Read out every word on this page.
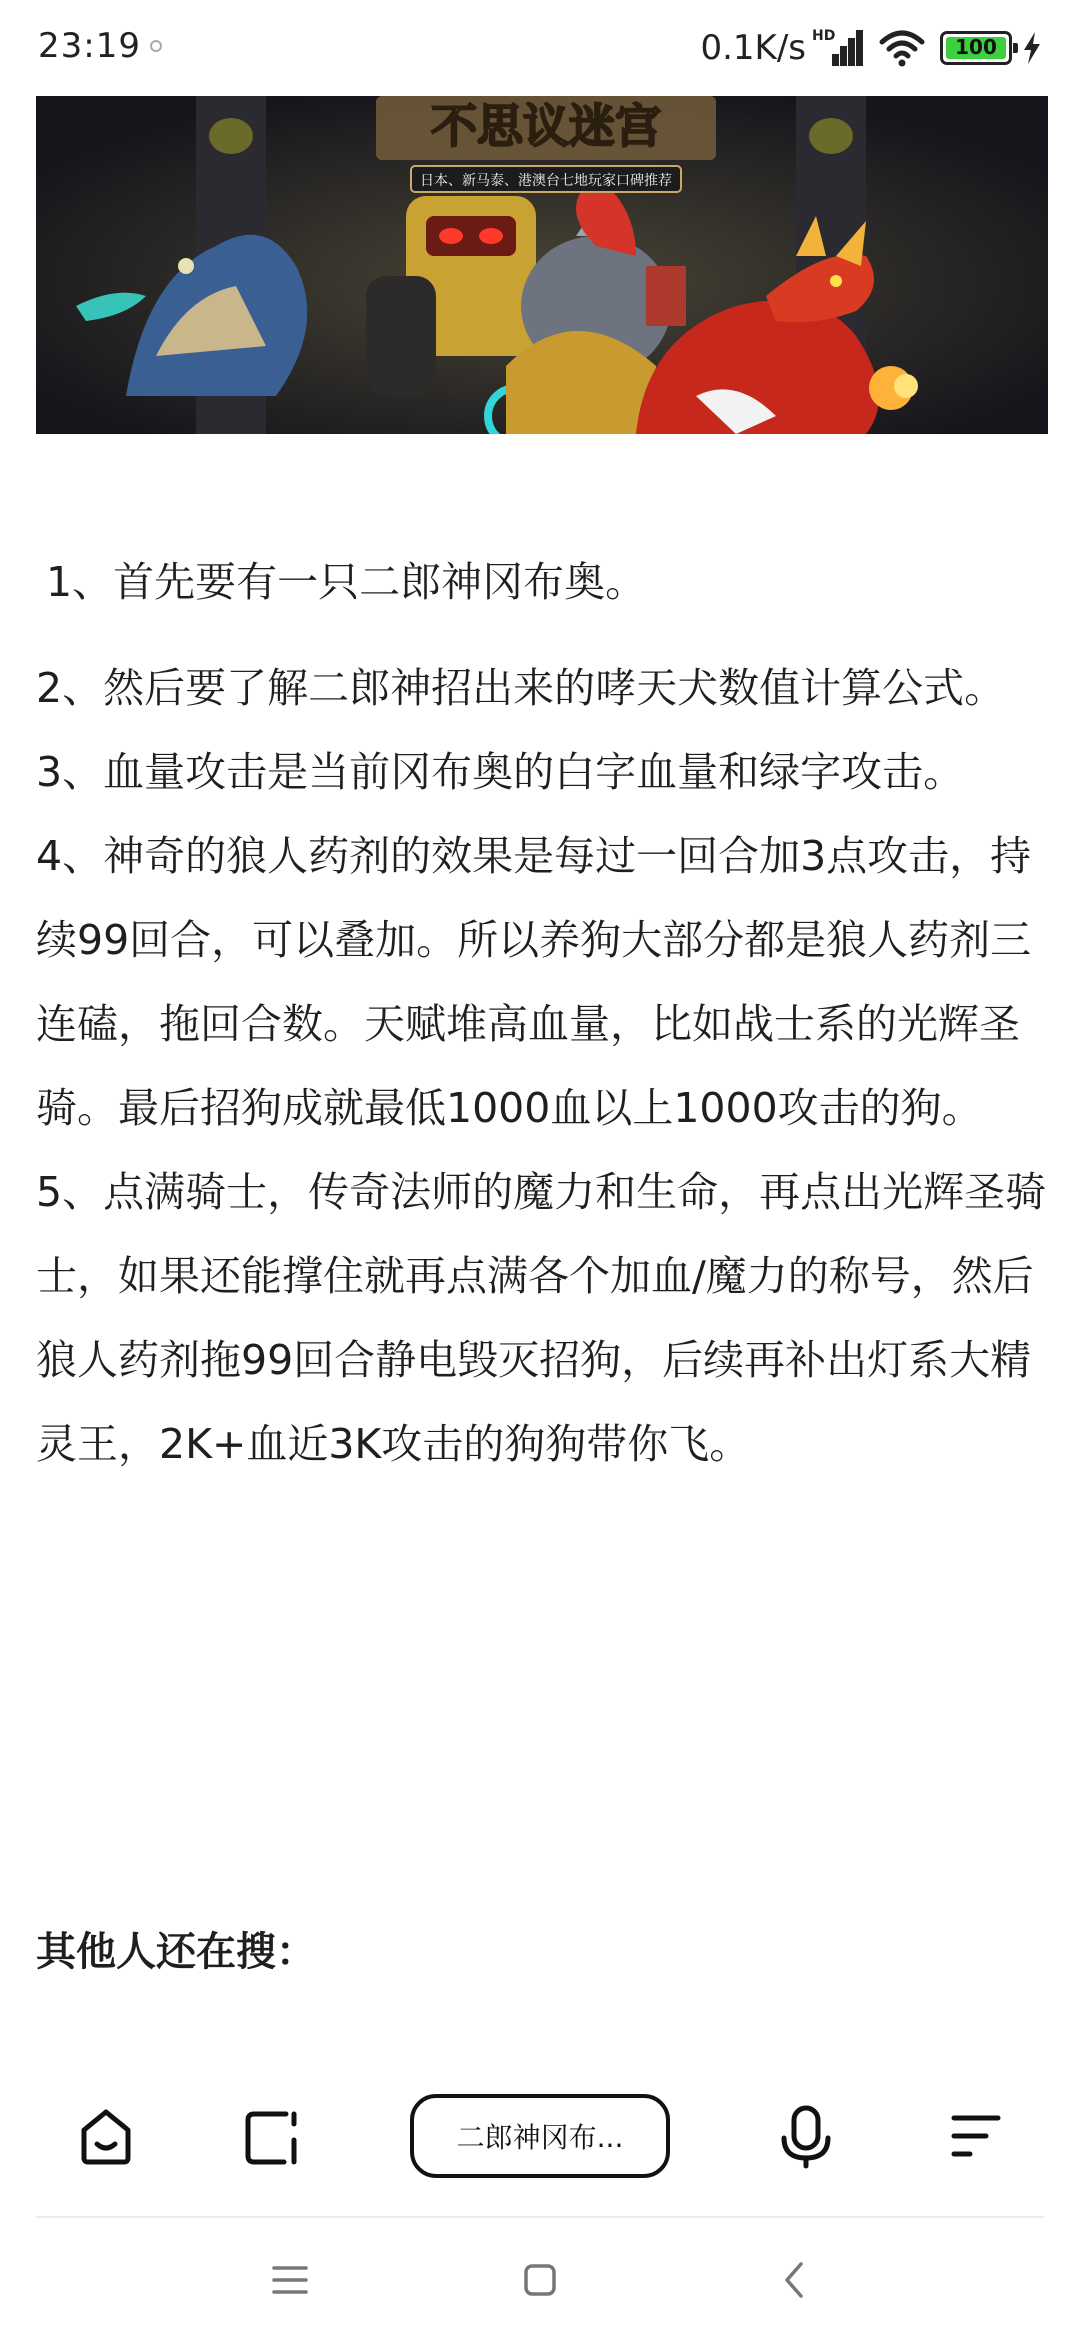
23:19	0.1K/s HD	100
不思议迷宫
日本、新马泰、港澳台七地玩家口碑推荐

1、首先要有一只二郎神冈布奥。

2、然后要了解二郎神招出来的哮天犬数值计算公式。

3、血量攻击是当前冈布奥的白字血量和绿字攻击。

4、神奇的狼人药剂的效果是每过一回合加3点攻击，持续99回合，可以叠加。所以养狗大部分都是狼人药剂三连磕，拖回合数。天赋堆高血量，比如战士系的光辉圣骑。最后招狗成就最低1000血以上1000攻击的狗。

5、点满骑士，传奇法师的魔力和生命，再点出光辉圣骑士，如果还能撑住就再点满各个加血/魔力的称号，然后狼人药剂拖99回合静电毁灭招狗，后续再补出灯系大精灵王，2K+血近3K攻击的狗狗带你飞。

其他人还在搜：
二郎神冈布...
